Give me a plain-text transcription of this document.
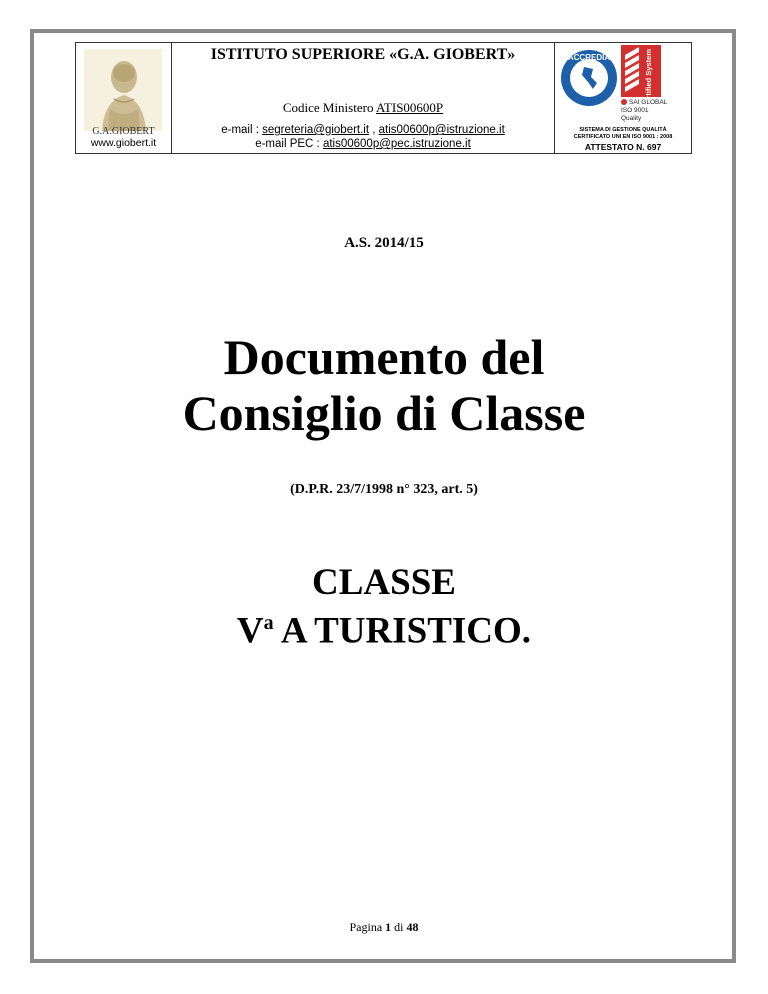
G.A.GIOBERT
www.giobert.it
ISTITUTO SUPERIORE «G.A. GIOBERT»
Codice Ministero ATIS00600P
e-mail : segreteria@giobert.it , atis00600p@istruzione.it
e-mail PEC : atis00600p@pec.istruzione.it
ACCREDIA	Certified System
SAI GLOBAL
ISO 9001
Quality
SISTEMA DI GESTIONE QUALITÀ
CERTIFICATO UNI EN ISO 9001 : 2008
ATTESTATO N. 697
A.S. 2014/15
Documento del
Consiglio di Classe
(D.P.R. 23/7/1998 n° 323, art. 5)
CLASSE
$V^a$ A TURISTICO.
Pagina 1 di 48
